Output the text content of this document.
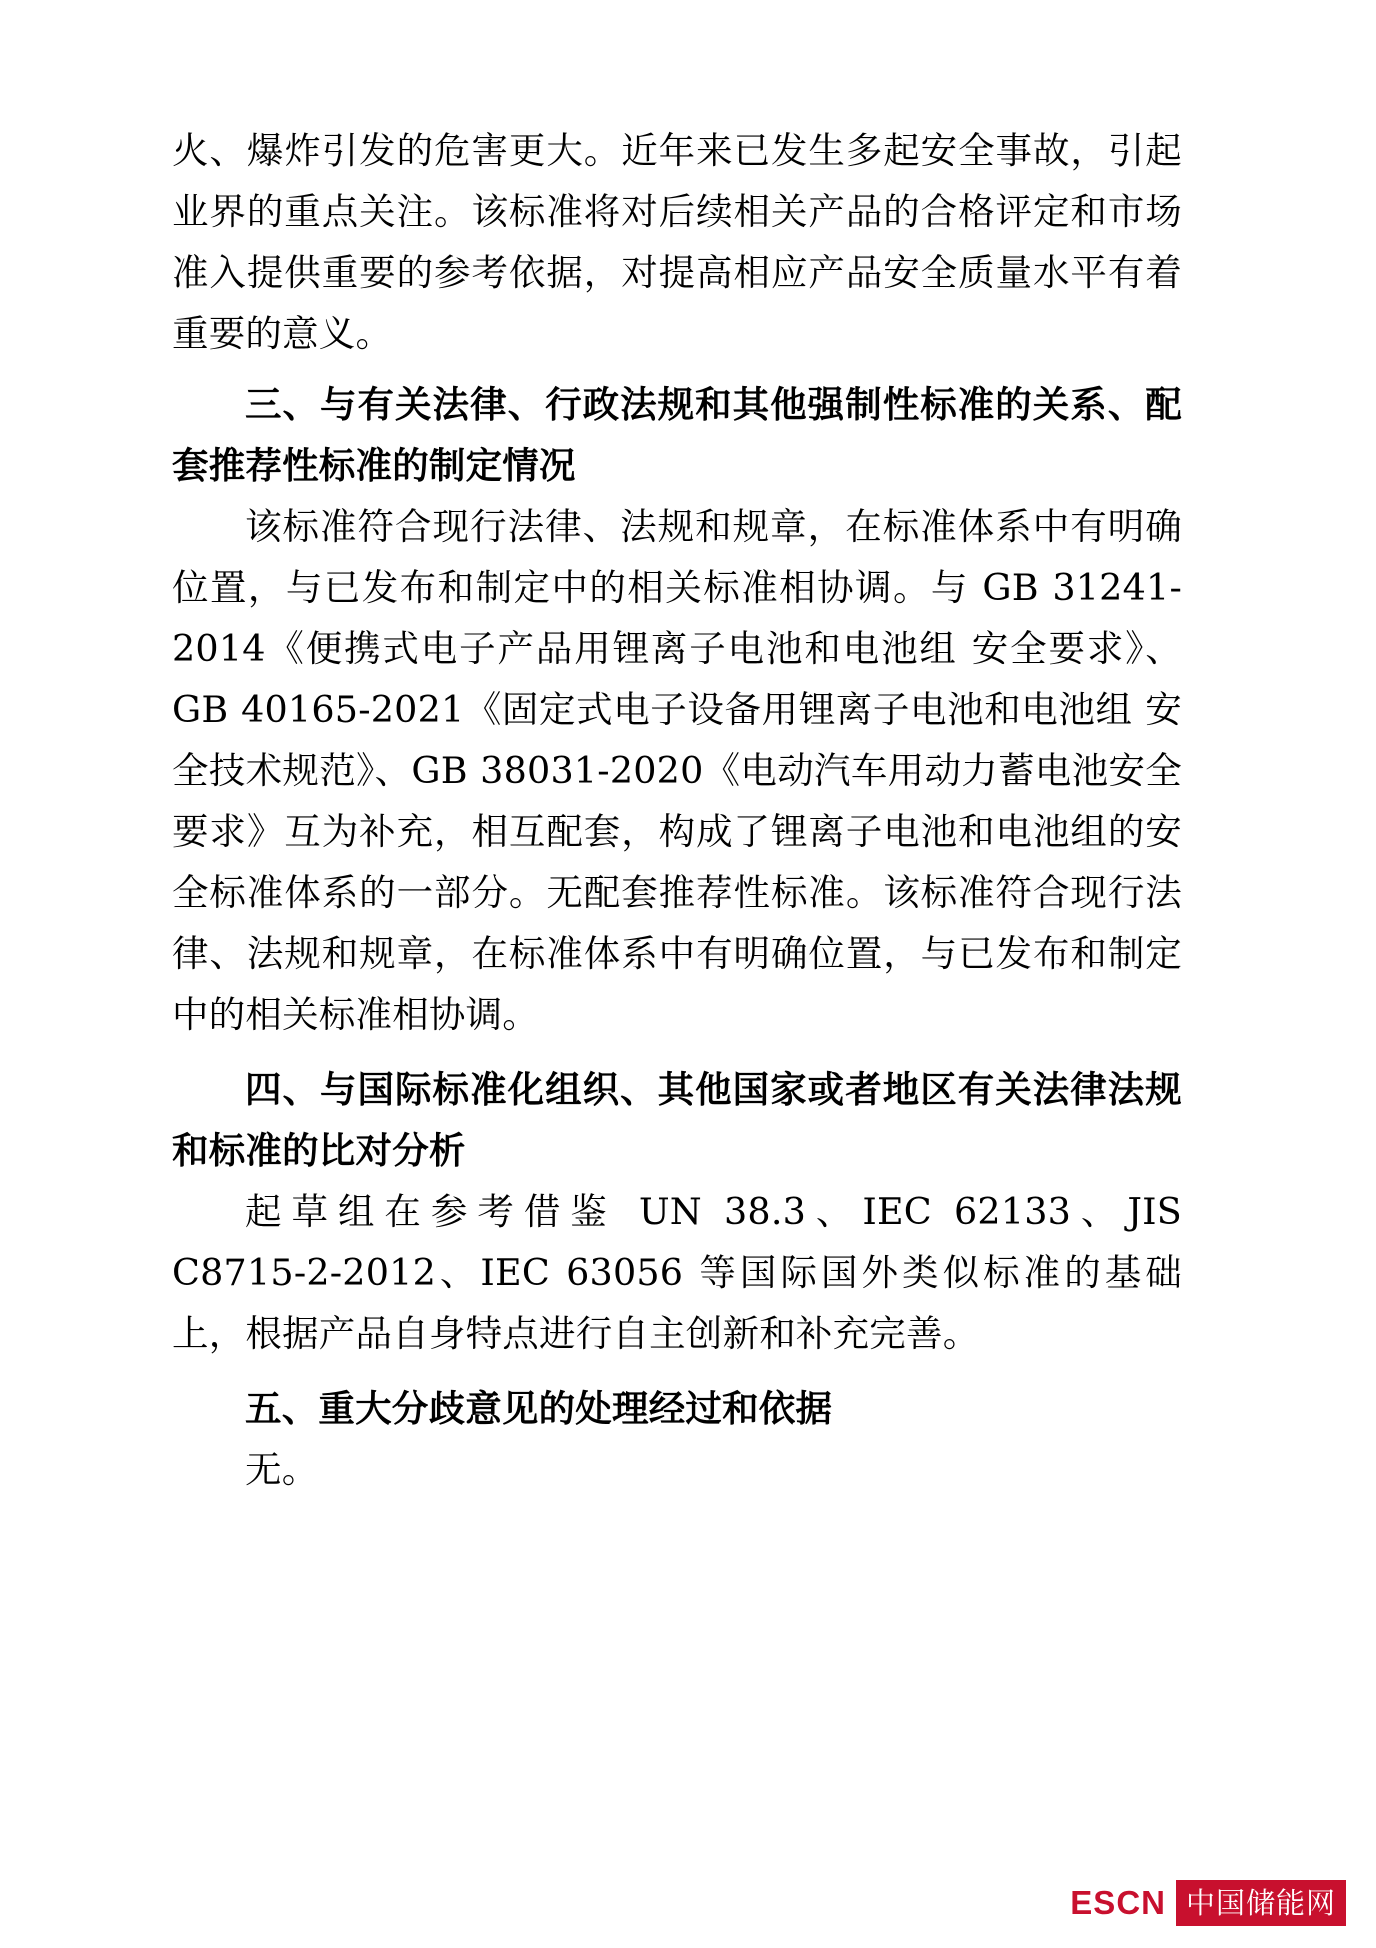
火、爆炸引发的危害更大。近年来已发生多起安全事故，引起业界的重点关注。该标准将对后续相关产品的合格评定和市场准入提供重要的参考依据，对提高相应产品安全质量水平有着重要的意义。

三、与有关法律、行政法规和其他强制性标准的关系、配套推荐性标准的制定情况

该标准符合现行法律、法规和规章，在标准体系中有明确位置，与已发布和制定中的相关标准相协调。与 GB 31241-2014《便携式电子产品用锂离子电池和电池组 安全要求》、GB 40165-2021《固定式电子设备用锂离子电池和电池组 安全技术规范》、GB 38031-2020《电动汽车用动力蓄电池安全要求》互为补充，相互配套，构成了锂离子电池和电池组的安全标准体系的一部分。无配套推荐性标准。该标准符合现行法律、法规和规章，在标准体系中有明确位置，与已发布和制定中的相关标准相协调。

四、与国际标准化组织、其他国家或者地区有关法律法规和标准的比对分析

起草组在参考借鉴 UN 38.3、IEC 62133、JIS C8715-2-2012、IEC 63056 等国际国外类似标准的基础上，根据产品自身特点进行自主创新和补充完善。

五、重大分歧意见的处理经过和依据

无。

ESCN 中国储能网
